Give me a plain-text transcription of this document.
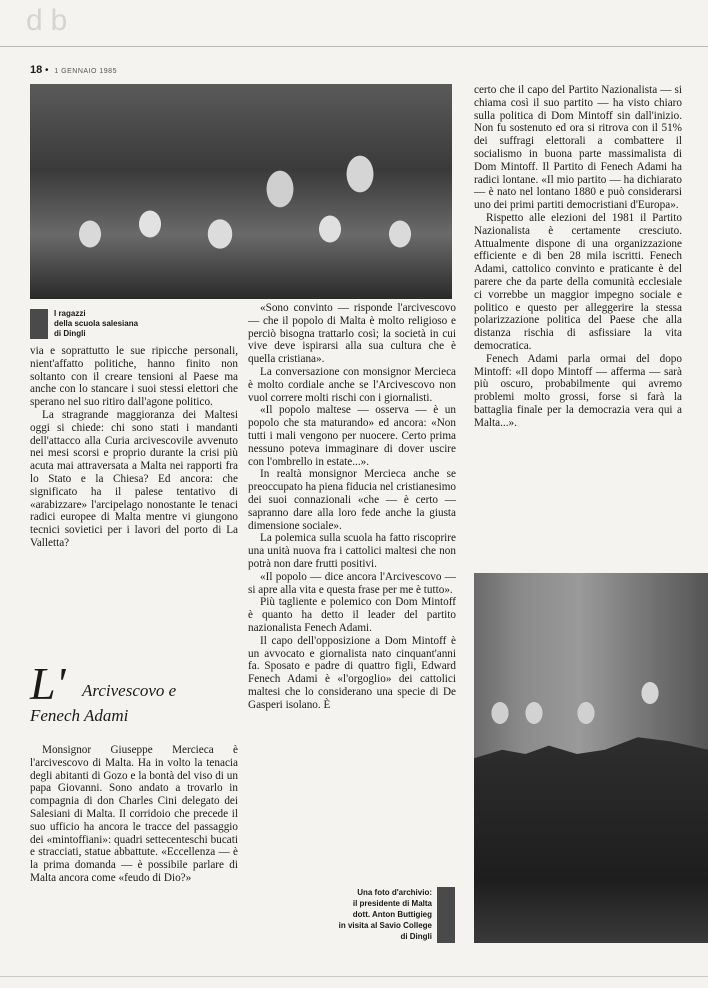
db
18 • 1 GENNAIO 1985
I ragazzi
della scuola salesiana
di Dingli

via e soprattutto le sue ripicche personali, nient'affatto politiche, hanno finito non soltanto con il creare tensioni al Paese ma anche con lo stancare i suoi stessi elettori che sperano nel suo ritiro dall'agone politico.

La stragrande maggioranza dei Maltesi oggi si chiede: chi sono stati i mandanti dell'attacco alla Curia arcivescovile avvenuto nei mesi scorsi e proprio durante la crisi più acuta mai attraversata a Malta nei rapporti fra lo Stato e la Chiesa? Ed ancora: che significato ha il palese tentativo di «arabizzare» l'arcipelago nonostante le tenaci radici europee di Malta mentre vi giungono tecnici sovietici per i lavori del porto di La Valletta?

L' Arcivescovo e
Fenech Adami

Monsignor Giuseppe Mercieca è l'arcivescovo di Malta. Ha in volto la tenacia degli abitanti di Gozo e la bontà del viso di un papa Giovanni. Sono andato a trovarlo in compagnia di don Charles Cini delegato dei Salesiani di Malta. Il corridoio che precede il suo ufficio ha ancora le tracce del passaggio dei «mintoffiani»: quadri settecenteschi bucati e stracciati, statue abbattute. «Eccellenza — è la prima domanda — è possibile parlare di Malta ancora come «feudo di Dio?»

«Sono convinto — risponde l'arcivescovo — che il popolo di Malta è molto religioso e perciò bisogna trattarlo così; la società in cui vive deve ispirarsi alla sua cultura che è quella cristiana».

La conversazione con monsignor Mercieca è molto cordiale anche se l'Arcivescovo non vuol correre molti rischi con i giornalisti.

«Il popolo maltese — osserva — è un popolo che sta maturando» ed ancora: «Non tutti i mali vengono per nuocere. Certo prima nessuno poteva immaginare di dover uscire con l'ombrello in estate...».

In realtà monsignor Mercieca anche se preoccupato ha piena fiducia nel cristianesimo dei suoi connazionali «che — è certo — sapranno dare alla loro fede anche la giusta dimensione sociale».

La polemica sulla scuola ha fatto riscoprire una unità nuova fra i cattolici maltesi che non potrà non dare frutti positivi.

«Il popolo — dice ancora l'Arcivescovo — si apre alla vita e questa frase per me è tutto».

Più tagliente e polemico con Dom Mintoff è quanto ha detto il leader del partito nazionalista Fenech Adami.

Il capo dell'opposizione a Dom Mintoff è un avvocato e giornalista nato cinquant'anni fa. Sposato e padre di quattro figli, Edward Fenech Adami è «l'orgoglio» dei cattolici maltesi che lo considerano una specie di De Gasperi isolano. È

certo che il capo del Partito Nazionalista — si chiama così il suo partito — ha visto chiaro sulla politica di Dom Mintoff sin dall'inizio. Non fu sostenuto ed ora si ritrova con il 51% dei suffragi elettorali a combattere il socialismo in buona parte massimalista di Dom Mintoff. Il Partito di Fenech Adami ha radici lontane. «Il mio partito — ha dichiarato — è nato nel lontano 1880 e può considerarsi uno dei primi partiti democristiani d'Europa».

Rispetto alle elezioni del 1981 il Partito Nazionalista è certamente cresciuto. Attualmente dispone di una organizzazione efficiente e di ben 28 mila iscritti. Fenech Adami, cattolico convinto e praticante è del parere che da parte della comunità ecclesiale ci vorrebbe un maggior impegno sociale e politico e questo per alleggerire la stessa polarizzazione politica del Paese che alla distanza rischia di asfissiare la vita democratica.

Fenech Adami parla ormai del dopo Mintoff: «Il dopo Mintoff — afferma — sarà più oscuro, probabilmente qui avremo problemi molto grossi, forse si farà la battaglia finale per la democrazia vera qui a Malta...».

Una foto d'archivio:
il presidente di Malta
dott. Anton Buttigieg
in visita al Savio College
di Dingli
